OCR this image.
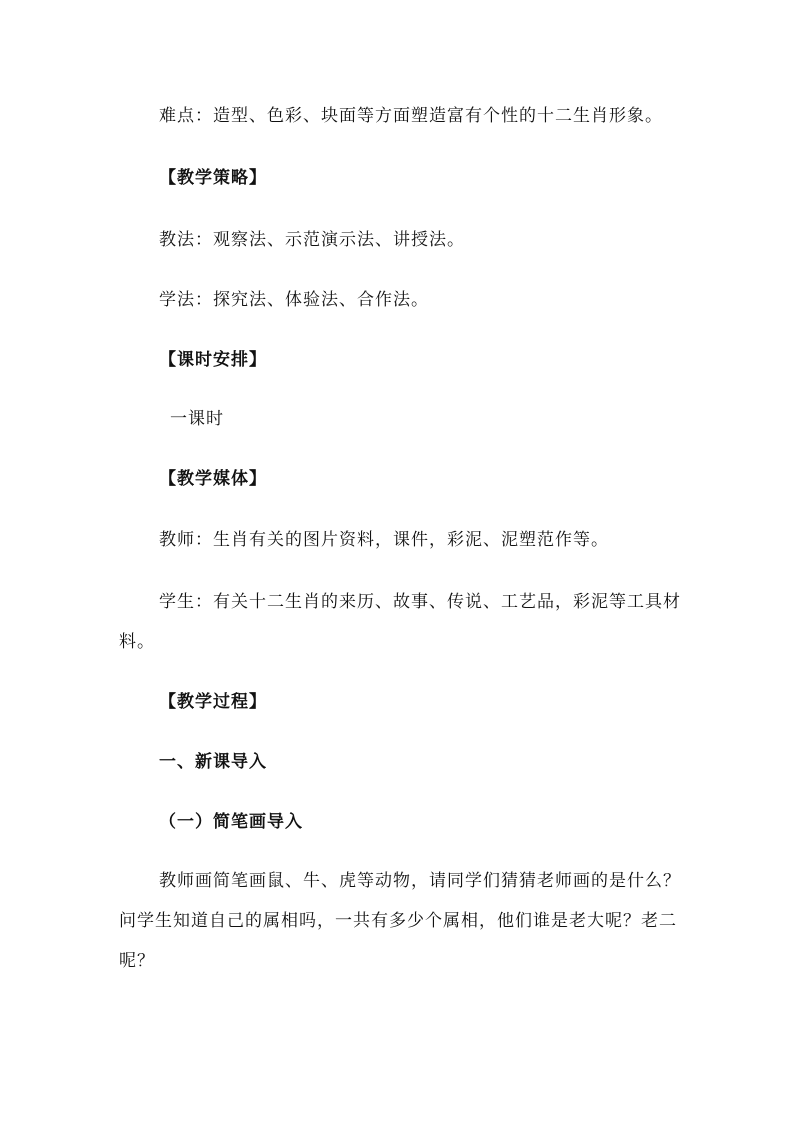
难点：造型、色彩、块面等方面塑造富有个性的十二生肖形象。
【教学策略】
教法：观察法、示范演示法、讲授法。
学法：探究法、体验法、合作法。
【课时安排】
一课时
【教学媒体】
教师：生肖有关的图片资料，课件，彩泥、泥塑范作等。
学生：有关十二生肖的来历、故事、传说、工艺品，彩泥等工具材料。
【教学过程】
一、新课导入
（一）简笔画导入
教师画简笔画鼠、牛、虎等动物，请同学们猜猜老师画的是什么？问学生知道自己的属相吗，一共有多少个属相，他们谁是老大呢？老二呢？
